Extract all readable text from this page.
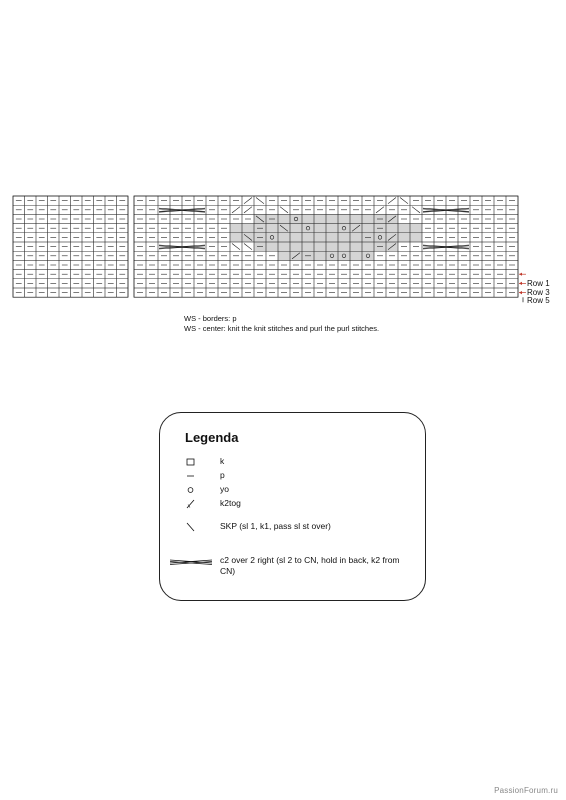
WS - borders: p
WS - center: knit the knit stitches and purl the purl stitches.
Row 1
Row 3
Row 5
Legenda
k
p
yo
k2tog
SKP (sl 1, k1, pass sl st over)
c2 over 2 right (sl 2 to CN, hold in back, k2 from CN)
PassionForum.ru
